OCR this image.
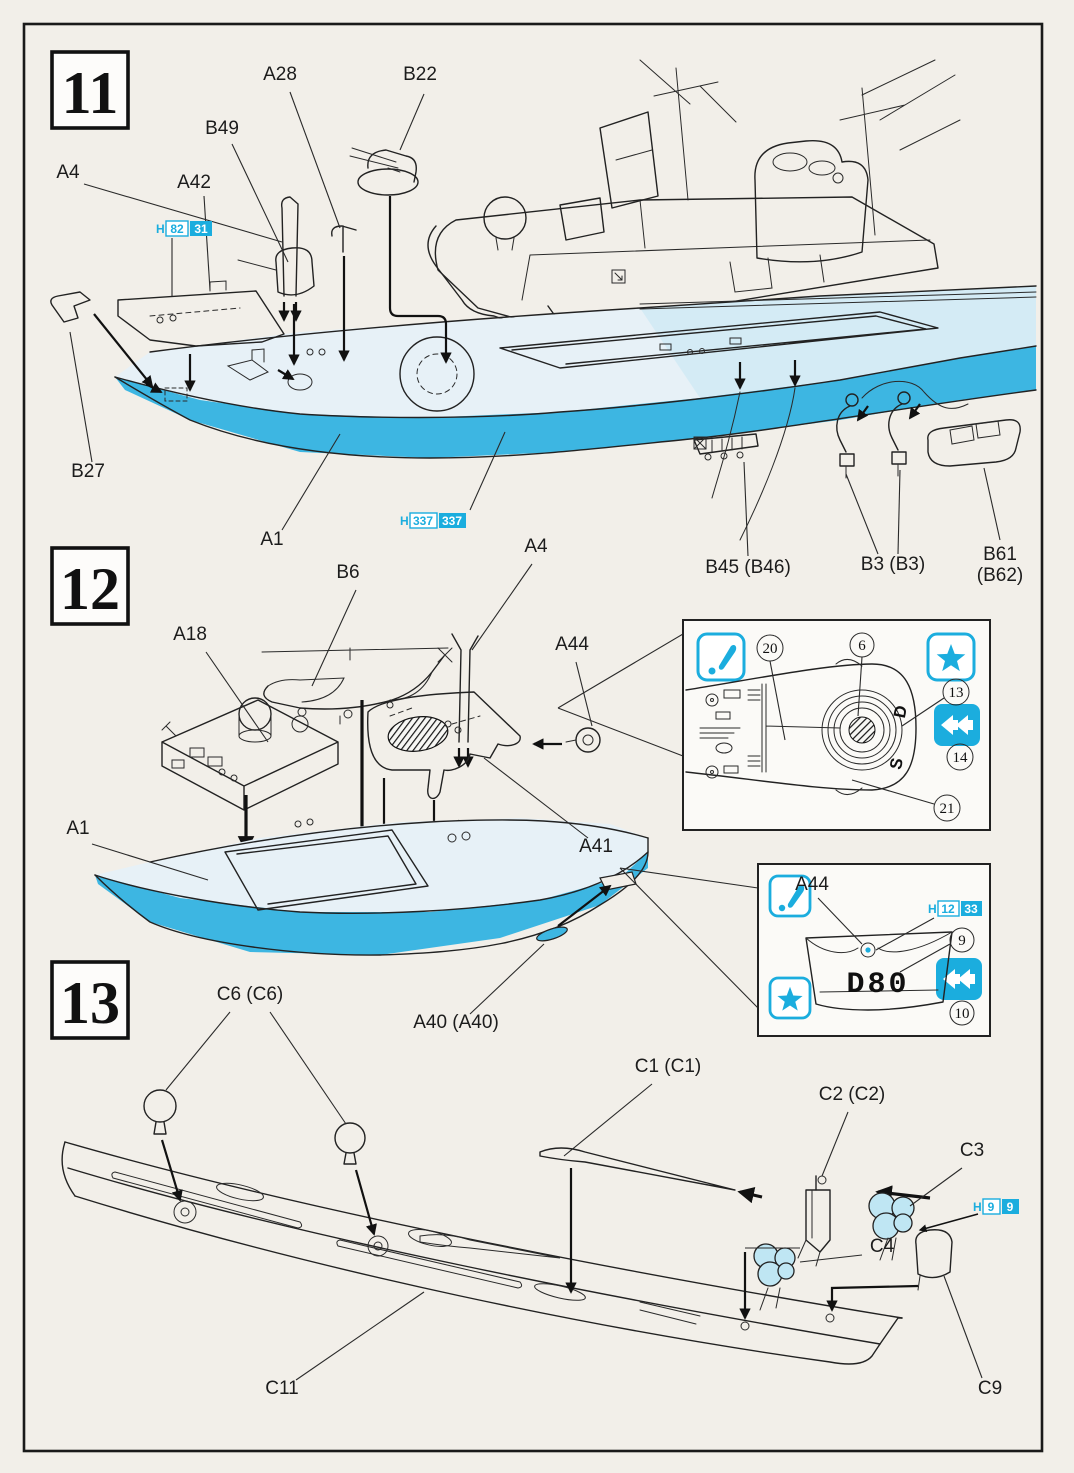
11
A4	A42
B49
A28	B22
B27
A1
B45 (B46)	B3 (B3)	B61
(B62)
H 82 31
H 337 337
12	B6
A4
A44
A18
A1
A41
A40 (A40)
D
S
20	6
13
14
21
D80
A44
H 12 33
9
10
13	C6 (C6)
C1 (C1)
C2 (C2)
C3
C4
C9
C11
H 9 9
